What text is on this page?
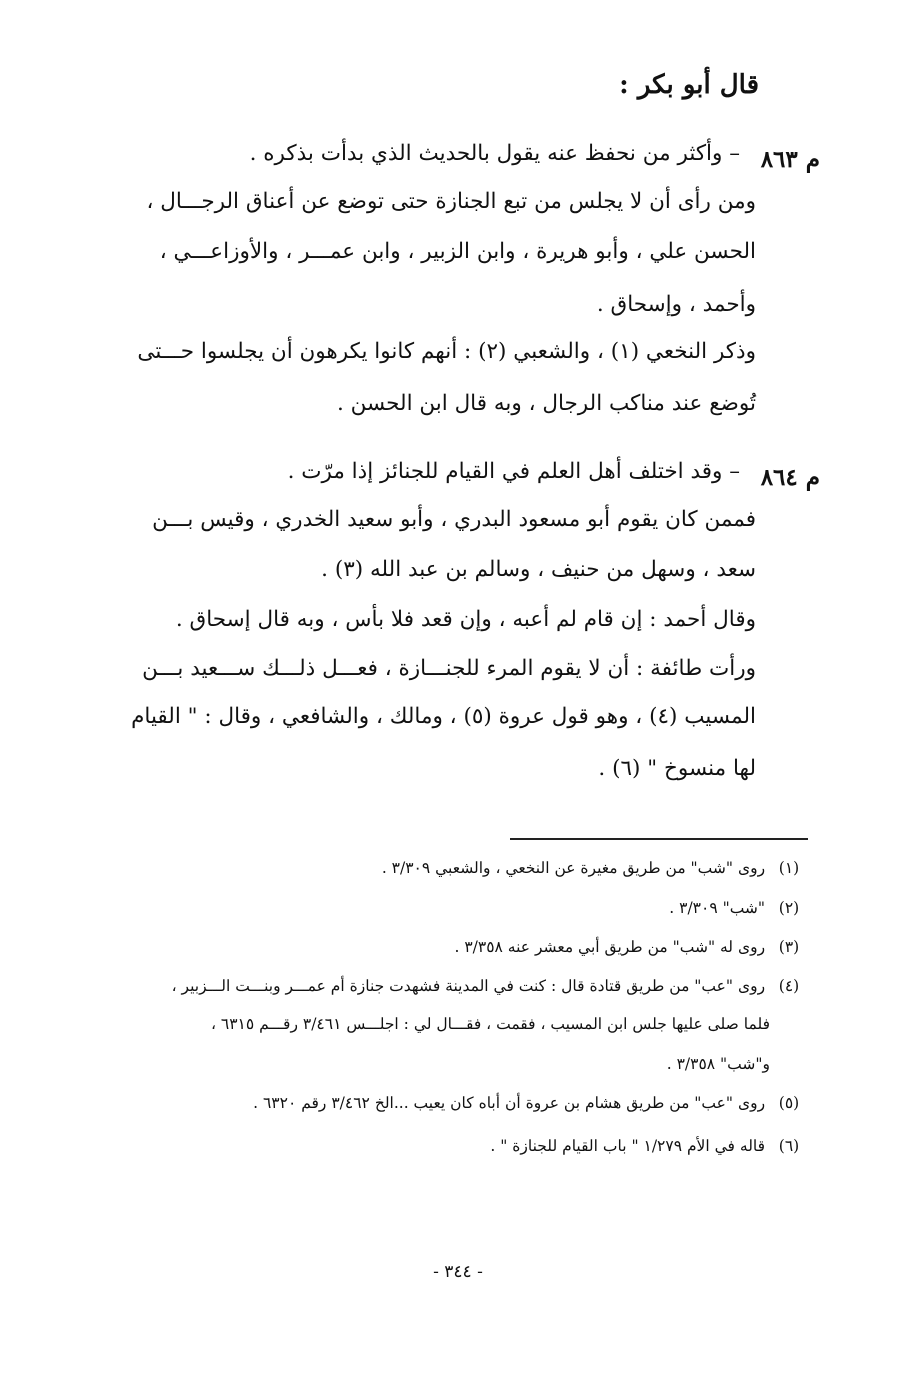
قال أبو بكر :
م ٨٦٣
– وأكثر من نحفظ عنه يقول بالحديث الذي بدأت بذكره .
ومن رأى أن لا يجلس من تبع الجنازة حتى توضع عن أعناق الرجـــال ،
الحسن علي ، وأبو هريرة ، وابن الزبير ، وابن عمـــر ، والأوزاعـــي ،
وأحمد ، وإسحاق .
وذكر النخعي (١) ، والشعبي (٢) : أنهم كانوا يكرهون أن يجلسوا حـــتى
تُوضع عند مناكب الرجال ، وبه قال ابن الحسن .
م ٨٦٤
– وقد اختلف أهل العلم في القيام للجنائز إذا مرّت .
فممن كان يقوم أبو مسعود البدري ، وأبو سعيد الخدري ، وقيس بـــن
سعد ، وسهل من حنيف ، وسالم بن عبد الله (٣) .
وقال أحمد : إن قام لم أعبه ، وإن قعد فلا بأس ، وبه قال إسحاق .
ورأت طائفة : أن لا يقوم المرء للجنـــازة ، فعـــل ذلـــك ســـعيد بـــن
المسيب (٤) ، وهو قول عروة (٥) ، ومالك ، والشافعي ، وقال : " القيام
لها منسوخ " (٦) .
(١) روى "شب" من طريق مغيرة عن النخعي ، والشعبي ٣/٣٠٩ .
(٢) "شب" ٣/٣٠٩ .
(٣) روى له "شب" من طريق أبي معشر عنه ٣/٣٥٨ .
(٤) روى "عب" من طريق قتادة قال : كنت في المدينة فشهدت جنازة أم عمـــر وبنـــت الـــزبير ،
فلما صلى عليها جلس ابن المسيب ، فقمت ، فقـــال لي : اجلـــس ٣/٤٦١ رقـــم ٦٣١٥ ،
و"شب" ٣/٣٥٨ .
(٥) روى "عب" من طريق هشام بن عروة أن أباه كان يعيب ...الخ ٣/٤٦٢ رقم ٦٣٢٠ .
(٦) قاله في الأم ١/٢٧٩ " باب القيام للجنازة " .
- ٣٤٤ -
